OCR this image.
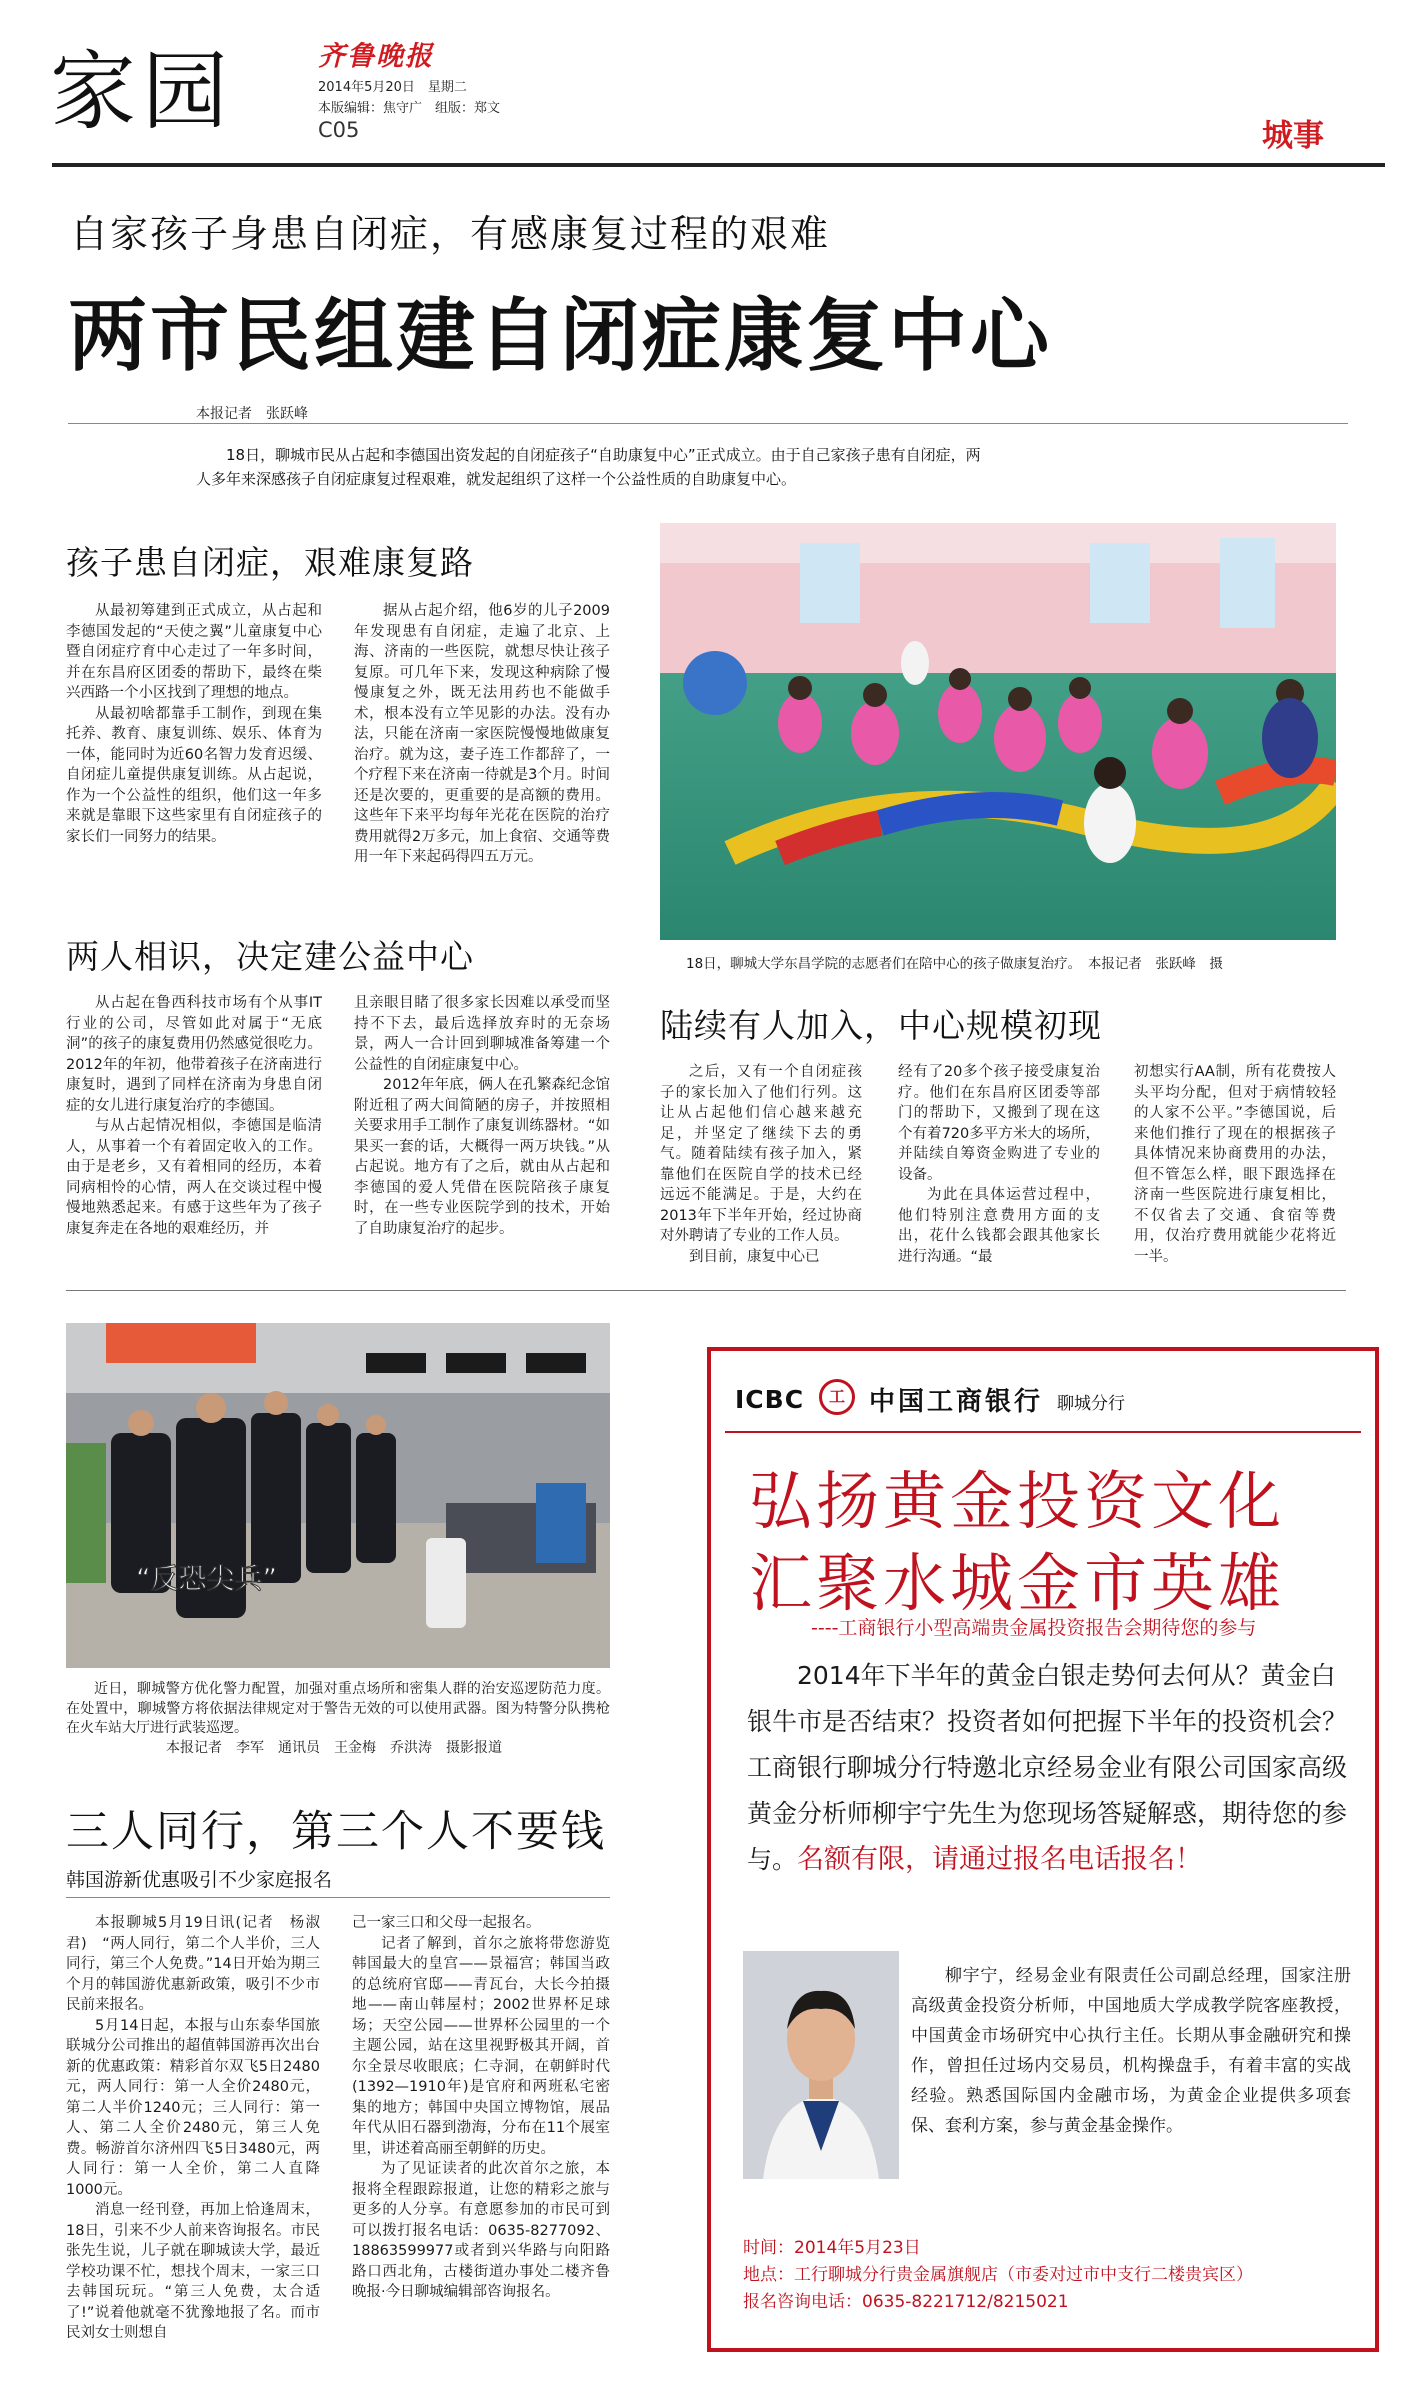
家园	齐鲁晚报
2014年5月20日　 星期二
本版编辑：焦守广　组版：郑文
C05	城事
自家孩子身患自闭症，有感康复过程的艰难
两市民组建自闭症康复中心
本报记者　张跃峰
18日，聊城市民从占起和李德国出资发起的自闭症孩子“自助康复中心”正式成立。由于自己家孩子患有自闭症，两
人多年来深感孩子自闭症康复过程艰难，就发起组织了这样一个公益性质的自助康复中心。
孩子患自闭症，艰难康复路

从最初筹建到正式成立，从占起和李德国发起的“天使之翼”儿童康复中心暨自闭症疗育中心走过了一年多时间，并在东昌府区团委的帮助下，最终在柴兴西路一个小区找到了理想的地点。

从最初啥都靠手工制作，到现在集托养、教育、康复训练、娱乐、体育为一体，能同时为近60名智力发育迟缓、自闭症儿童提供康复训练。从占起说，作为一个公益性的组织，他们这一年多来就是靠眼下这些家里有自闭症孩子的家长们一同努力的结果。

据从占起介绍，他6岁的儿子2009年发现患有自闭症，走遍了北京、上海、济南的一些医院，就想尽快让孩子复原。可几年下来，发现这种病除了慢慢康复之外，既无法用药也不能做手术，根本没有立竿见影的办法。没有办法，只能在济南一家医院慢慢地做康复治疗。就为这，妻子连工作都辞了，一个疗程下来在济南一待就是3个月。时间还是次要的，更重要的是高额的费用。这些年下来平均每年光花在医院的治疗费用就得2万多元，加上食宿、交通等费用一年下来起码得四五万元。

18日，聊城大学东昌学院的志愿者们在陪中心的孩子做康复治疗。　本报记者　张跃峰　摄
两人相识，决定建公益中心

从占起在鲁西科技市场有个从事IT行业的公司，尽管如此对属于“无底洞”的孩子的康复费用仍然感觉很吃力。2012年的年初，他带着孩子在济南进行康复时，遇到了同样在济南为身患自闭症的女儿进行康复治疗的李德国。

与从占起情况相似，李德国是临清人，从事着一个有着固定收入的工作。由于是老乡，又有着相同的经历，本着同病相怜的心情，两人在交谈过程中慢慢地熟悉起来。有感于这些年为了孩子康复奔走在各地的艰难经历，并

且亲眼目睹了很多家长因难以承受而坚持不下去，最后选择放弃时的无奈场景，两人一合计回到聊城准备筹建一个公益性的自闭症康复中心。

2012年年底，俩人在孔繁森纪念馆附近租了两大间简陋的房子，并按照相关要求用手工制作了康复训练器材。“如果买一套的话，大概得一两万块钱。”从占起说。地方有了之后，就由从占起和李德国的爱人凭借在医院陪孩子康复时，在一些专业医院学到的技术，开始了自助康复治疗的起步。

陆续有人加入，中心规模初现

之后，又有一个自闭症孩子的家长加入了他们行列。这让从占起他们信心越来越充足，并坚定了继续下去的勇气。随着陆续有孩子加入，紧靠他们在医院自学的技术已经远远不能满足。于是，大约在2013年下半年开始，经过协商对外聘请了专业的工作人员。

到目前，康复中心已

经有了20多个孩子接受康复治疗。他们在东昌府区团委等部门的帮助下，又搬到了现在这个有着720多平方米大的场所，并陆续自筹资金购进了专业的设备。

为此在具体运营过程中，他们特别注意费用方面的支出，花什么钱都会跟其他家长进行沟通。“最

初想实行AA制，所有花费按人头平均分配，但对于病情较轻的人家不公平。”李德国说，后来他们推行了现在的根据孩子具体情况来协商费用的办法，但不管怎么样，眼下跟选择在济南一些医院进行康复相比，不仅省去了交通、食宿等费用，仅治疗费用就能少花将近一半。

“反恐尖兵”
近日，聊城警方优化警力配置，加强对重点场所和密集人群的治安巡逻防范力度。在处置中，聊城警方将依据法律规定对于警告无效的可以使用武器。图为特警分队携枪在火车站大厅进行武装巡逻。
本报记者　李军　通讯员　王金梅　乔洪涛　摄影报道
三人同行，第三个人不要钱
韩国游新优惠吸引不少家庭报名

本报聊城5月19日讯(记者　杨淑君)　“两人同行，第二个人半价，三人同行，第三个人免费。”14日开始为期三个月的韩国游优惠新政策，吸引不少市民前来报名。

5月14日起，本报与山东泰华国旅联城分公司推出的超值韩国游再次出台新的优惠政策：精彩首尔双飞5日2480元，两人同行：第一人全价2480元，第二人半价1240元；三人同行：第一人、第二人全价2480元，第三人免费。畅游首尔济州四飞5日3480元，两人同行：第一人全价，第二人直降1000元。

消息一经刊登，再加上恰逢周末，18日，引来不少人前来咨询报名。市民张先生说，儿子就在聊城读大学，最近学校功课不忙，想找个周末，一家三口去韩国玩玩。“第三人免费，太合适了!”说着他就毫不犹豫地报了名。而市民刘女士则想自

己一家三口和父母一起报名。

记者了解到，首尔之旅将带您游览韩国最大的皇宫——景福宫；韩国当政的总统府官邸——青瓦台，大长今拍摄地——南山韩屋村；2002世界杯足球场；天空公园——世界杯公园里的一个主题公园，站在这里视野极其开阔，首尔全景尽收眼底；仁寺洞，在朝鲜时代(1392—1910年)是官府和两班私宅密集的地方；韩国中央国立博物馆，展品年代从旧石器到渤海，分布在11个展室里，讲述着高丽至朝鲜的历史。

为了见证读者的此次首尔之旅，本报将全程跟踪报道，让您的精彩之旅与更多的人分享。有意愿参加的市民可到可以拨打报名电话：0635-8277092、18863599977或者到兴华路与向阳路路口西北角，古楼街道办事处二楼齐鲁晚报·今日聊城编辑部咨询报名。

ICBC	工 中国工商银行 聊城分行
弘扬黄金投资文化
汇聚水城金市英雄
----工商银行小型高端贵金属投资报告会期待您的参与
2014年下半年的黄金白银走势何去何从？黄金白银牛市是否结束？投资者如何把握下半年的投资机会？工商银行聊城分行特邀北京经易金业有限公司国家高级黄金分析师柳宇宁先生为您现场答疑解惑，期待您的参与。名额有限，请通过报名电话报名！
柳宇宁，经易金业有限责任公司副总经理，国家注册高级黄金投资分析师，中国地质大学成教学院客座教授，中国黄金市场研究中心执行主任。长期从事金融研究和操作，曾担任过场内交易员，机构操盘手，有着丰富的实战经验。熟悉国际国内金融市场，为黄金企业提供多项套保、套利方案，参与黄金基金操作。
时间：2014年5月23日
地点：工行聊城分行贵金属旗舰店（市委对过市中支行二楼贵宾区）
报名咨询电话：0635-8221712/8215021
